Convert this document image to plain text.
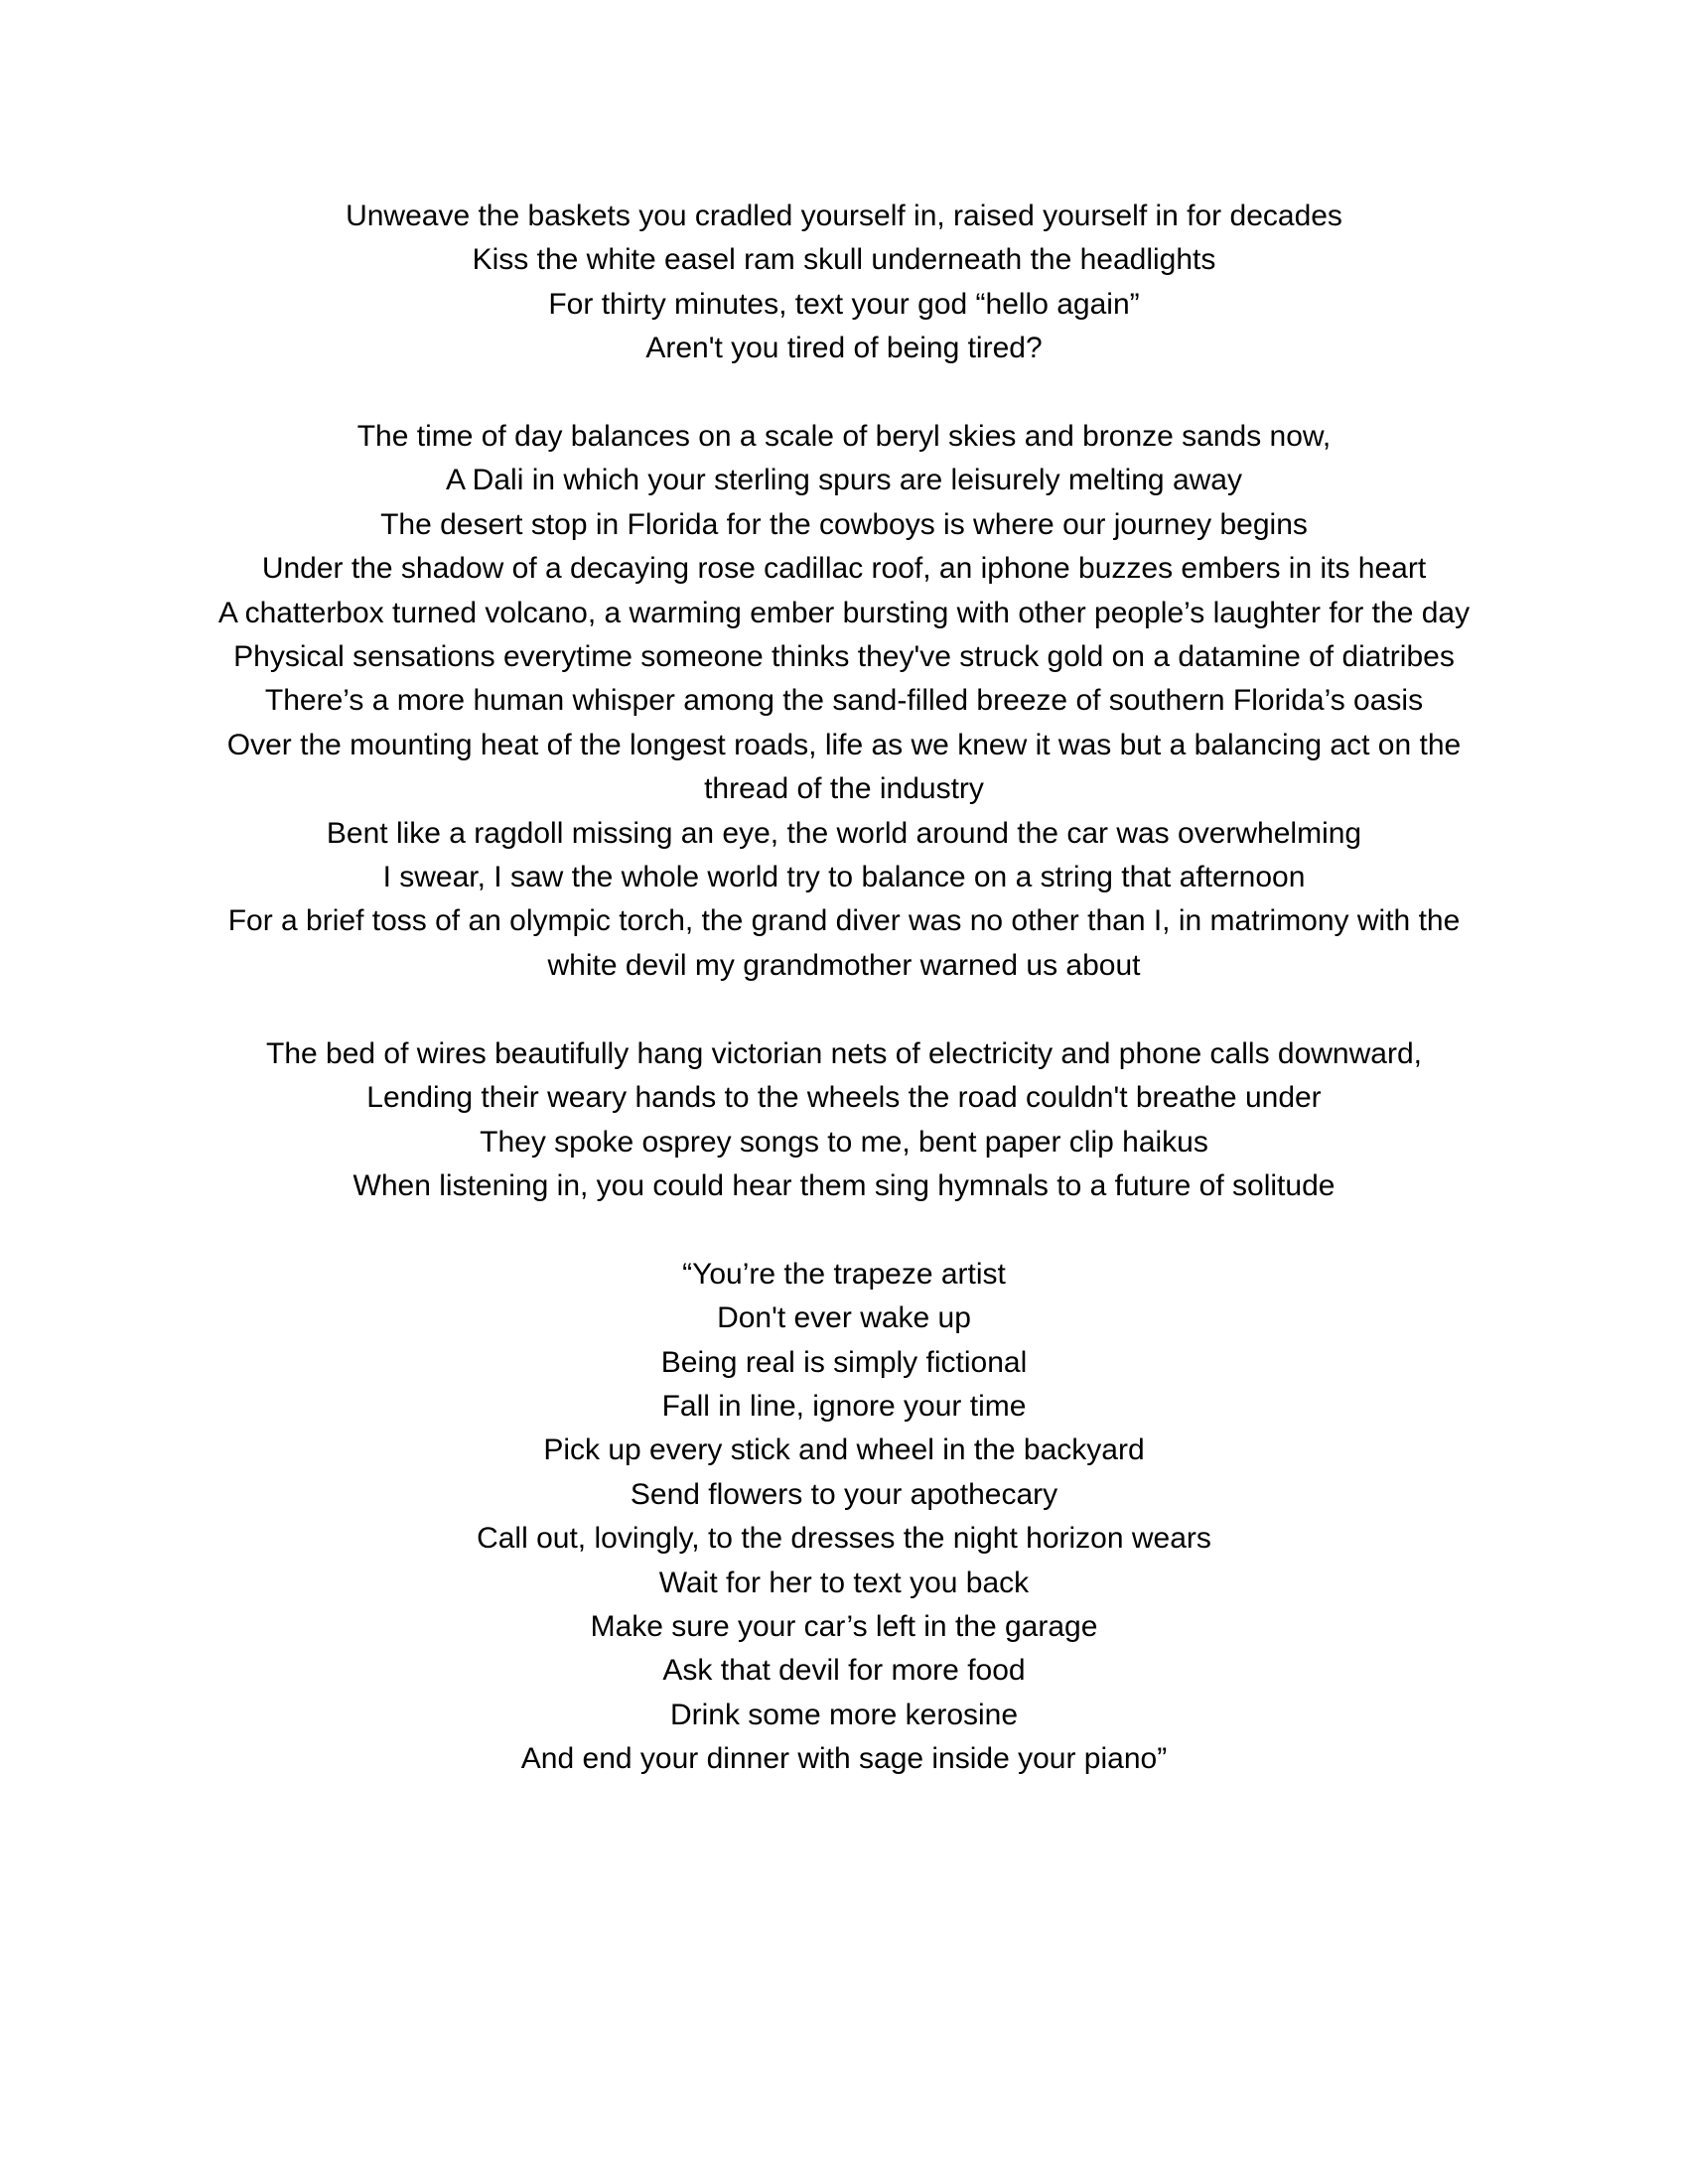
Unweave the baskets you cradled yourself in, raised yourself in for decades
Kiss the white easel ram skull underneath the headlights
For thirty minutes, text your god “hello again”
Aren't you tired of being tired?
The time of day balances on a scale of beryl skies and bronze sands now,
A Dali in which your sterling spurs are leisurely melting away
The desert stop in Florida for the cowboys is where our journey begins
Under the shadow of a decaying rose cadillac roof, an iphone buzzes embers in its heart
A chatterbox turned volcano, a warming ember bursting with other people’s laughter for the day
Physical sensations everytime someone thinks they've struck gold on a datamine of diatribes
There’s a more human whisper among the sand-filled breeze of southern Florida’s oasis
Over the mounting heat of the longest roads, life as we knew it was but a balancing act on the thread of the industry
Bent like a ragdoll missing an eye, the world around the car was overwhelming
I swear, I saw the whole world try to balance on a string that afternoon
For a brief toss of an olympic torch, the grand diver was no other than I, in matrimony with the white devil my grandmother warned us about
The bed of wires beautifully hang victorian nets of electricity and phone calls downward,
Lending their weary hands to the wheels the road couldn't breathe under
They spoke osprey songs to me, bent paper clip haikus
When listening in, you could hear them sing hymnals to a future of solitude
“You’re the trapeze artist
Don't ever wake up
Being real is simply fictional
Fall in line, ignore your time
Pick up every stick and wheel in the backyard
Send flowers to your apothecary
Call out, lovingly, to the dresses the night horizon wears
Wait for her to text you back
Make sure your car’s left in the garage
Ask that devil for more food
Drink some more kerosine
And end your dinner with sage inside your piano”
